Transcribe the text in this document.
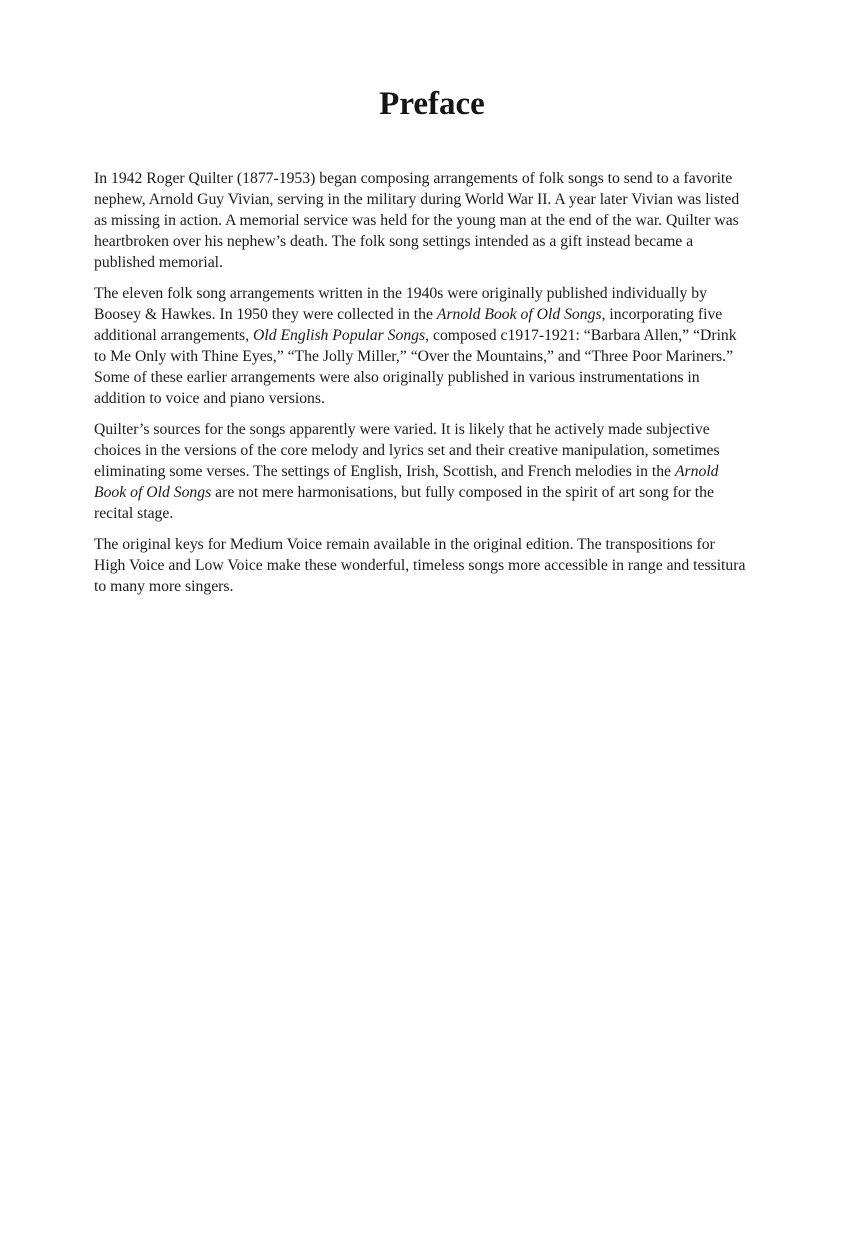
Preface
In 1942 Roger Quilter (1877-1953) began composing arrangements of folk songs to send to a favorite
nephew, Arnold Guy Vivian, serving in the military during World War II. A year later Vivian was listed
as missing in action. A memorial service was held for the young man at the end of the war. Quilter was
heartbroken over his nephew’s death. The folk song settings intended as a gift instead became a
published memorial.
The eleven folk song arrangements written in the 1940s were originally published individually by
Boosey & Hawkes. In 1950 they were collected in the Arnold Book of Old Songs, incorporating five
additional arrangements, Old English Popular Songs, composed c1917-1921: “Barbara Allen,” “Drink
to Me Only with Thine Eyes,” “The Jolly Miller,” “Over the Mountains,” and “Three Poor Mariners.”
Some of these earlier arrangements were also originally published in various instrumentations in
addition to voice and piano versions.
Quilter’s sources for the songs apparently were varied. It is likely that he actively made subjective
choices in the versions of the core melody and lyrics set and their creative manipulation, sometimes
eliminating some verses. The settings of English, Irish, Scottish, and French melodies in the Arnold
Book of Old Songs are not mere harmonisations, but fully composed in the spirit of art song for the
recital stage.
The original keys for Medium Voice remain available in the original edition. The transpositions for
High Voice and Low Voice make these wonderful, timeless songs more accessible in range and tessitura
to many more singers.
